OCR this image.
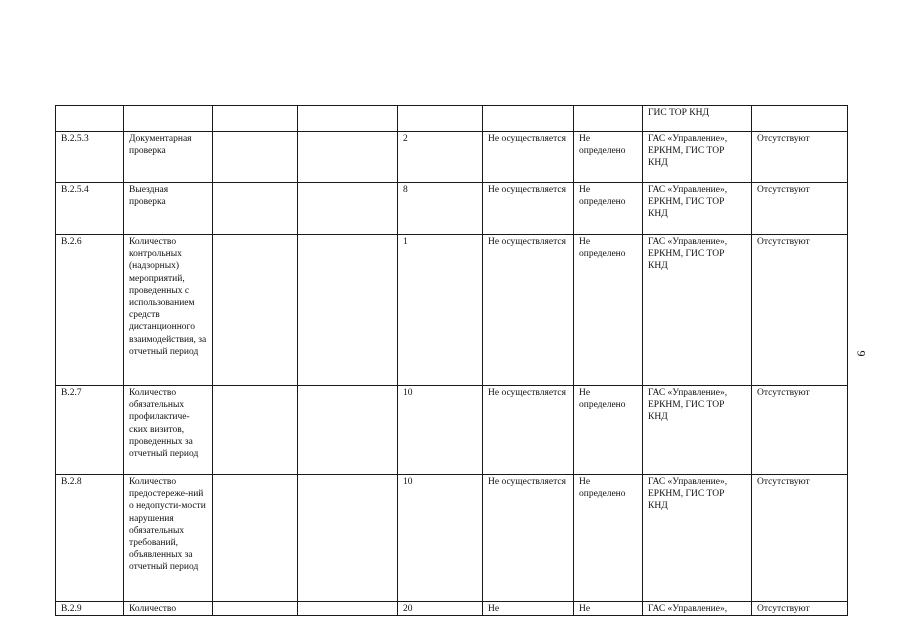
							ГИС ТОР КНД	
B.2.5.3	Документарная проверка			2	Не осуществляется	Не определено	ГАС «Управление», ЕРКНМ, ГИС ТОР КНД	Отсутствуют
B.2.5.4	Выездная проверка			8	Не осуществляется	Не определено	ГАС «Управление», ЕРКНМ, ГИС ТОР КНД	Отсутствуют
B.2.6	Количество контрольных (надзорных) мероприятий, проведенных с использованием средств дистанционного взаимодействия, за отчетный период			1	Не осуществляется	Не определено	ГАС «Управление», ЕРКНМ, ГИС ТОР КНД	Отсутствуют
B.2.7	Количество обязательных профилактиче-ских визитов, проведенных за отчетный период			10	Не осуществляется	Не определено	ГАС «Управление», ЕРКНМ, ГИС ТОР КНД	Отсутствуют
B.2.8	Количество предостереже-ний о недопусти-мости нарушения обязательных требований, объявленных за отчетный период			10	Не осуществляется	Не определено	ГАС «Управление», ЕРКНМ, ГИС ТОР КНД	Отсутствуют
B.2.9	Количество			20	Не	Не	ГАС «Управление»,	Отсутствуют
9
